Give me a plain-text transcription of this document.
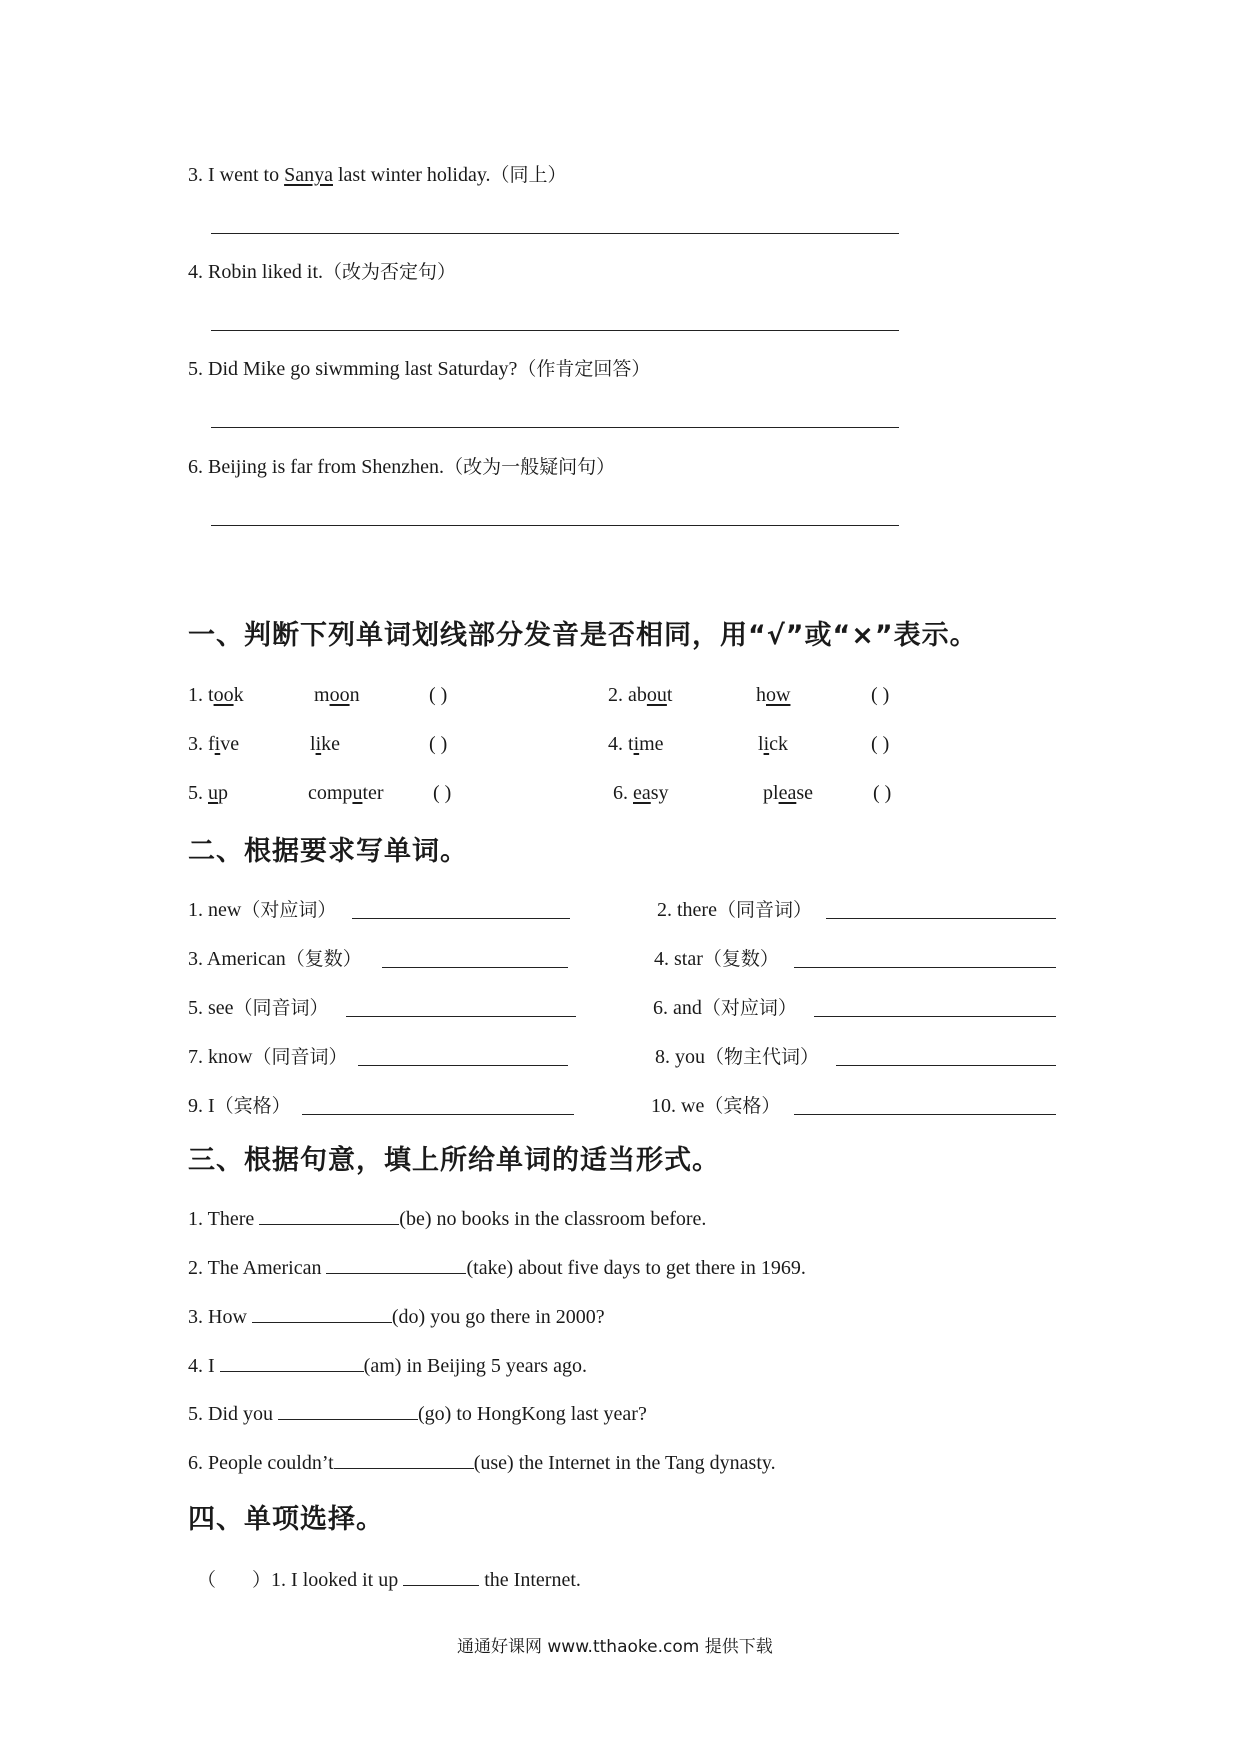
3. I went to Sanya last winter holiday.（同上）
4. Robin liked it.（改为否定句）
5. Did Mike go siwmming last Saturday?（作肯定回答）
6. Beijing is far from Shenzhen.（改为一般疑问句）
一、判断下列单词划线部分发音是否相同，用“√”或“×”表示。
1. took	moon	( )	2. about	how	( )
3. five	like	( )	4. time	lick	( )
5. up	computer ( )	6. easy	please	( )
二、根据要求写单词。
1. new（对应词）	2. there（同音词）
3. American（复数）	4. star（复数）
5. see（同音词）	6. and（对应词）
7. know（同音词）	8. you（物主代词）
9. I（宾格）	10. we（宾格）
三、根据句意，填上所给单词的适当形式。
1. There	(be) no books in the classroom before.
2. The American	(take) about five days to get there in 1969.
3. How	(do) you go there in 2000?
4. I	(am) in Beijing 5 years ago.
5. Did you	(go) to HongKong last year?
6. People couldn’t	(use) the Internet in the Tang dynasty.
四、单项选择。
（ ）1. I looked it up	the Internet.
通通好课网 www.tthaoke.com 提供下载
